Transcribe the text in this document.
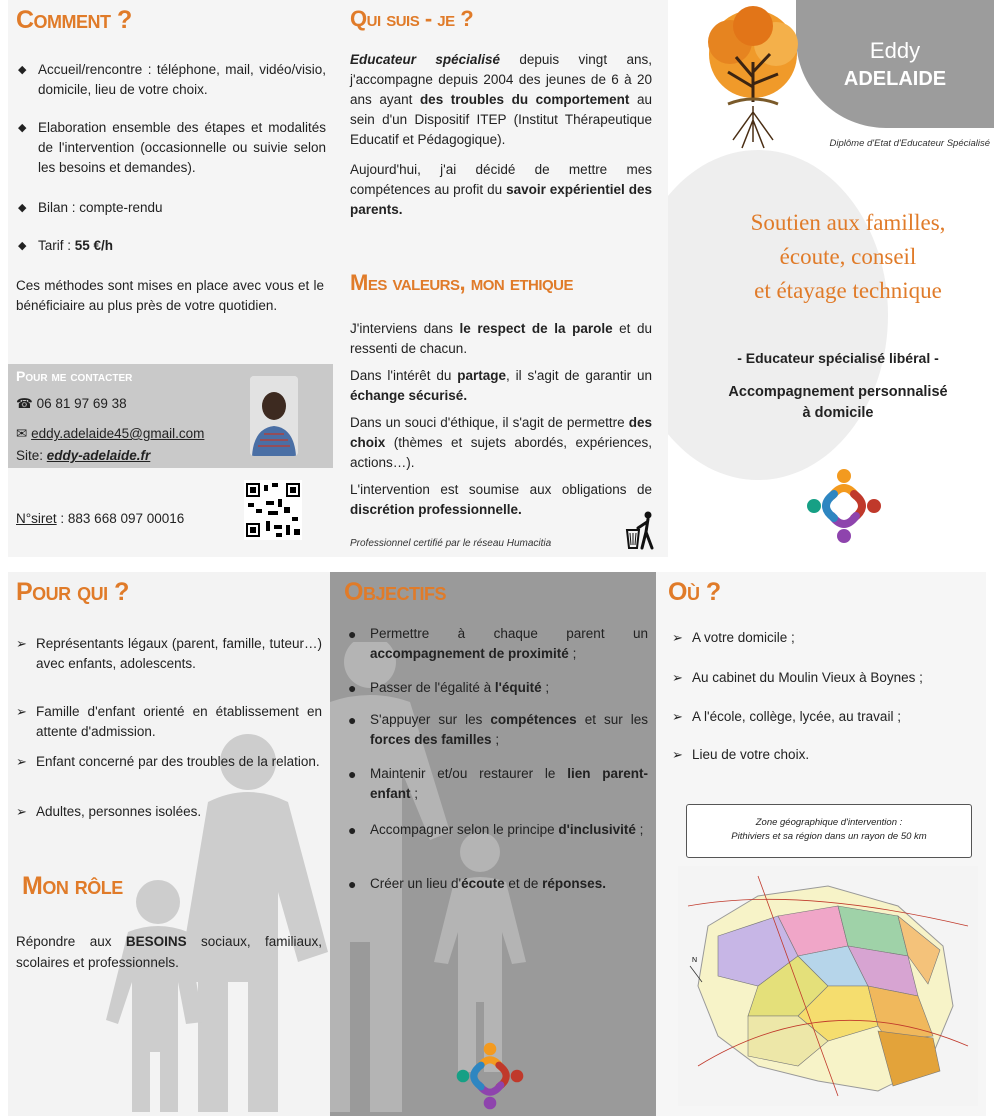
Comment ?
◆ Accueil/rencontre : téléphone, mail, vidéo/visio, domicile, lieu de votre choix.
◆ Elaboration ensemble des étapes et modalités de l'intervention (occasionnelle ou suivie selon les besoins et demandes).
◆ Bilan : compte-rendu
◆ Tarif : 55 €/h

Ces méthodes sont mises en place avec vous et le bénéficiaire au plus près de votre quotidien.

Pour me contacter
☎ 06 81 97 69 38
✉ eddy.adelaide45@gmail.com
Site: eddy-adelaide.fr
N°siret : 883 668 097 00016
Qui suis - je ?

Educateur spécialisé depuis vingt ans, j'accompagne depuis 2004 des jeunes de 6 à 20 ans ayant des troubles du comportement au sein d'un Dispositif ITEP (Institut Thérapeutique Educatif et Pédagogique).

Aujourd'hui, j'ai décidé de mettre mes compétences au profit du savoir expérientiel des parents.

Mes valeurs, mon ethique

J'interviens dans le respect de la parole et du ressenti de chacun.

Dans l'intérêt du partage, il s'agit de garantir un échange sécurisé.

Dans un souci d'éthique, il s'agit de permettre des choix (thèmes et sujets abordés, expériences, actions…).

L'intervention est soumise aux obligations de discrétion professionnelle.

Professionnel certifié par le réseau Humacitia
Eddy
ADELAIDE
Diplôme d'Etat d'Educateur Spécialisé
Soutien aux familles,
écoute, conseil
et étayage technique
- Educateur spécialisé libéral -
Accompagnement personnalisé
à domicile
Pour qui ?
➢ Représentants légaux (parent, famille, tuteur…) avec enfants, adolescents.
➢ Famille d'enfant orienté en établissement en attente d'admission.
➢ Enfant concerné par des troubles de la relation.
➢ Adultes, personnes isolées.
Mon rôle

Répondre aux BESOINS sociaux, familiaux, scolaires et professionnels.

Objectifs
● Permettre à chaque parent un accompagnement de proximité ;
● Passer de l'égalité à l'équité ;
● S'appuyer sur les compétences et sur les forces des familles ;
● Maintenir et/ou restaurer le lien parent-enfant ;
● Accompagner selon le principe d'inclusivité ;
● Créer un lieu d'écoute et de réponses.
Où ?
➢ A votre domicile ;
➢ Au cabinet du Moulin Vieux à Boynes ;
➢ A l'école, collège, lycée, au travail ;
➢ Lieu de votre choix.
Zone géographique d'intervention :
Pithiviers et sa région dans un rayon de 50 km
N
